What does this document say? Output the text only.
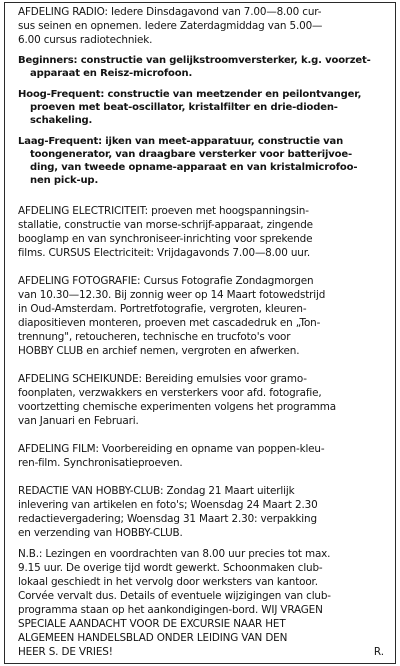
AFDELING RADIO: Iedere Dinsdagavond van 7.00—8.00 cur-
sus seinen en opnemen. Iedere Zaterdagmiddag van 5.00—
6.00 cursus radiotechniek.
Beginners: constructie van gelijkstroomversterker, k.g. voorzet-
apparaat en Reisz-microfoon.
Hoog-Frequent: constructie van meetzender en peilontvanger,
proeven met beat-oscillator, kristalfilter en drie-dioden-
schakeling.
Laag-Frequent: ijken van meet-apparatuur, constructie van
toongenerator, van draagbare versterker voor batterijvoe-
ding, van tweede opname-apparaat en van kristalmicrofoo-
nen pick-up.
AFDELING ELECTRICITEIT: proeven met hoogspanningsin-
stallatie, constructie van morse-schrijf-apparaat, zingende
booglamp en van synchroniseer-inrichting voor sprekende
films. CURSUS Electriciteit: Vrijdagavonds 7.00—8.00 uur.
AFDELING FOTOGRAFIE: Cursus Fotografie Zondagmorgen
van 10.30—12.30. Bij zonnig weer op 14 Maart fotowedstrijd
in Oud-Amsterdam. Portretfotografie, vergroten, kleuren-
diapositieven monteren, proeven met cascadedruk en „Ton-
trennung", retoucheren, technische en trucfoto's voor
HOBBY CLUB en archief nemen, vergroten en afwerken.
AFDELING SCHEIKUNDE: Bereiding emulsies voor gramo-
foonplaten, verzwakkers en versterkers voor afd. fotografie,
voortzetting chemische experimenten volgens het programma
van Januari en Februari.
AFDELING FILM: Voorbereiding en opname van poppen-kleu-
ren-film. Synchronisatieproeven.
REDACTIE VAN HOBBY-CLUB: Zondag 21 Maart uiterlijk
inlevering van artikelen en foto's; Woensdag 24 Maart 2.30
redactievergadering; Woensdag 31 Maart 2.30: verpakking
en verzending van HOBBY-CLUB.
N.B.: Lezingen en voordrachten van 8.00 uur precies tot max.
9.15 uur. De overige tijd wordt gewerkt. Schoonmaken club-
lokaal geschiedt in het vervolg door werksters van kantoor.
Corvée vervalt dus. Details of eventuele wijzigingen van club-
programma staan op het aankondigingen-bord. WIJ VRAGEN
SPECIALE AANDACHT VOOR DE EXCURSIE NAAR HET
ALGEMEEN HANDELSBLAD ONDER LEIDING VAN DEN
HEER S. DE VRIES!	R.
